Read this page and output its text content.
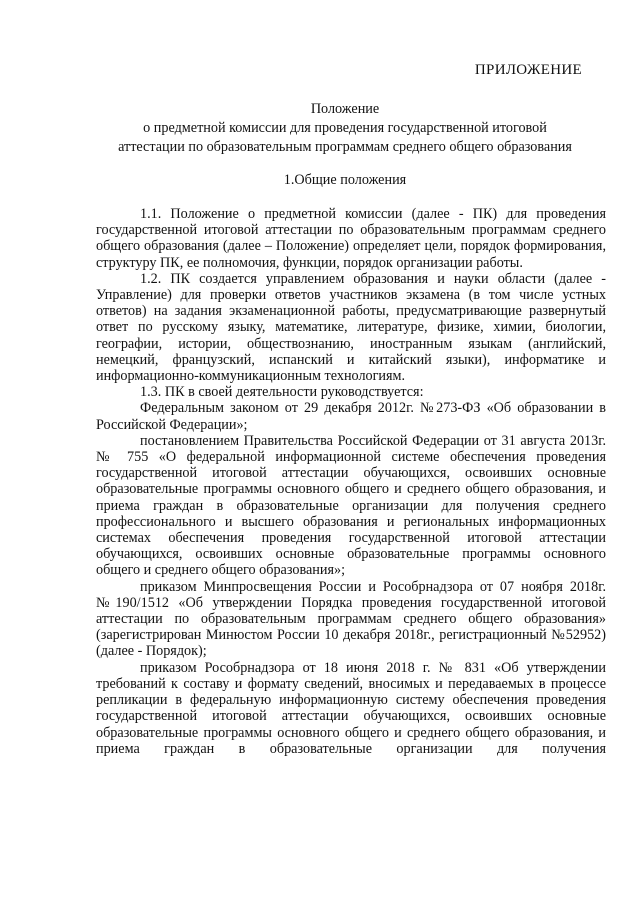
ПРИЛОЖЕНИЕ
Положение
о предметной комиссии для проведения государственной итоговой
аттестации по образовательным программам среднего общего образования
1.Общие положения

1.1. Положение о предметной комиссии (далее - ПК) для проведения государственной итоговой аттестации по образовательным программам среднего общего образования (далее – Положение) определяет цели, порядок формирования, структуру ПК, ее полномочия, функции, порядок организации работы.

1.2. ПК создается управлением образования и науки области (далее - Управление) для проверки ответов участников экзамена (в том числе устных ответов) на задания экзаменационной работы, предусматривающие развернутый ответ по русскому языку, математике, литературе, физике, химии, биологии, географии, истории, обществознанию, иностранным языкам (английский, немецкий, французский, испанский и китайский языки), информатике и информационно-коммуникационным технологиям.

1.3. ПК в своей деятельности руководствуется:

Федеральным законом от 29 декабря 2012г. №273-ФЗ «Об образовании в Российской Федерации»;

постановлением Правительства Российской Федерации от 31 августа 2013г. № 755 «О федеральной информационной системе обеспечения проведения государственной итоговой аттестации обучающихся, освоивших основные образовательные программы основного общего и среднего общего образования, и приема граждан в образовательные организации для получения среднего профессионального и высшего образования и региональных информационных системах обеспечения проведения государственной итоговой аттестации обучающихся, освоивших основные образовательные программы основного общего и среднего общего образования»;

приказом Минпросвещения России и Рособрнадзора от 07 ноября 2018г. №190/1512 «Об утверждении Порядка проведения государственной итоговой аттестации по образовательным программам среднего общего образования» (зарегистрирован Минюстом России 10 декабря 2018г., регистрационный №52952) (далее - Порядок);

приказом Рособрнадзора от 18 июня 2018 г. № 831 «Об утверждении требований к составу и формату сведений, вносимых и передаваемых в процессе репликации в федеральную информационную систему обеспечения проведения государственной итоговой аттестации обучающихся, освоивших основные образовательные программы основного общего и среднего общего образования, и приема граждан в образовательные организации для получения
